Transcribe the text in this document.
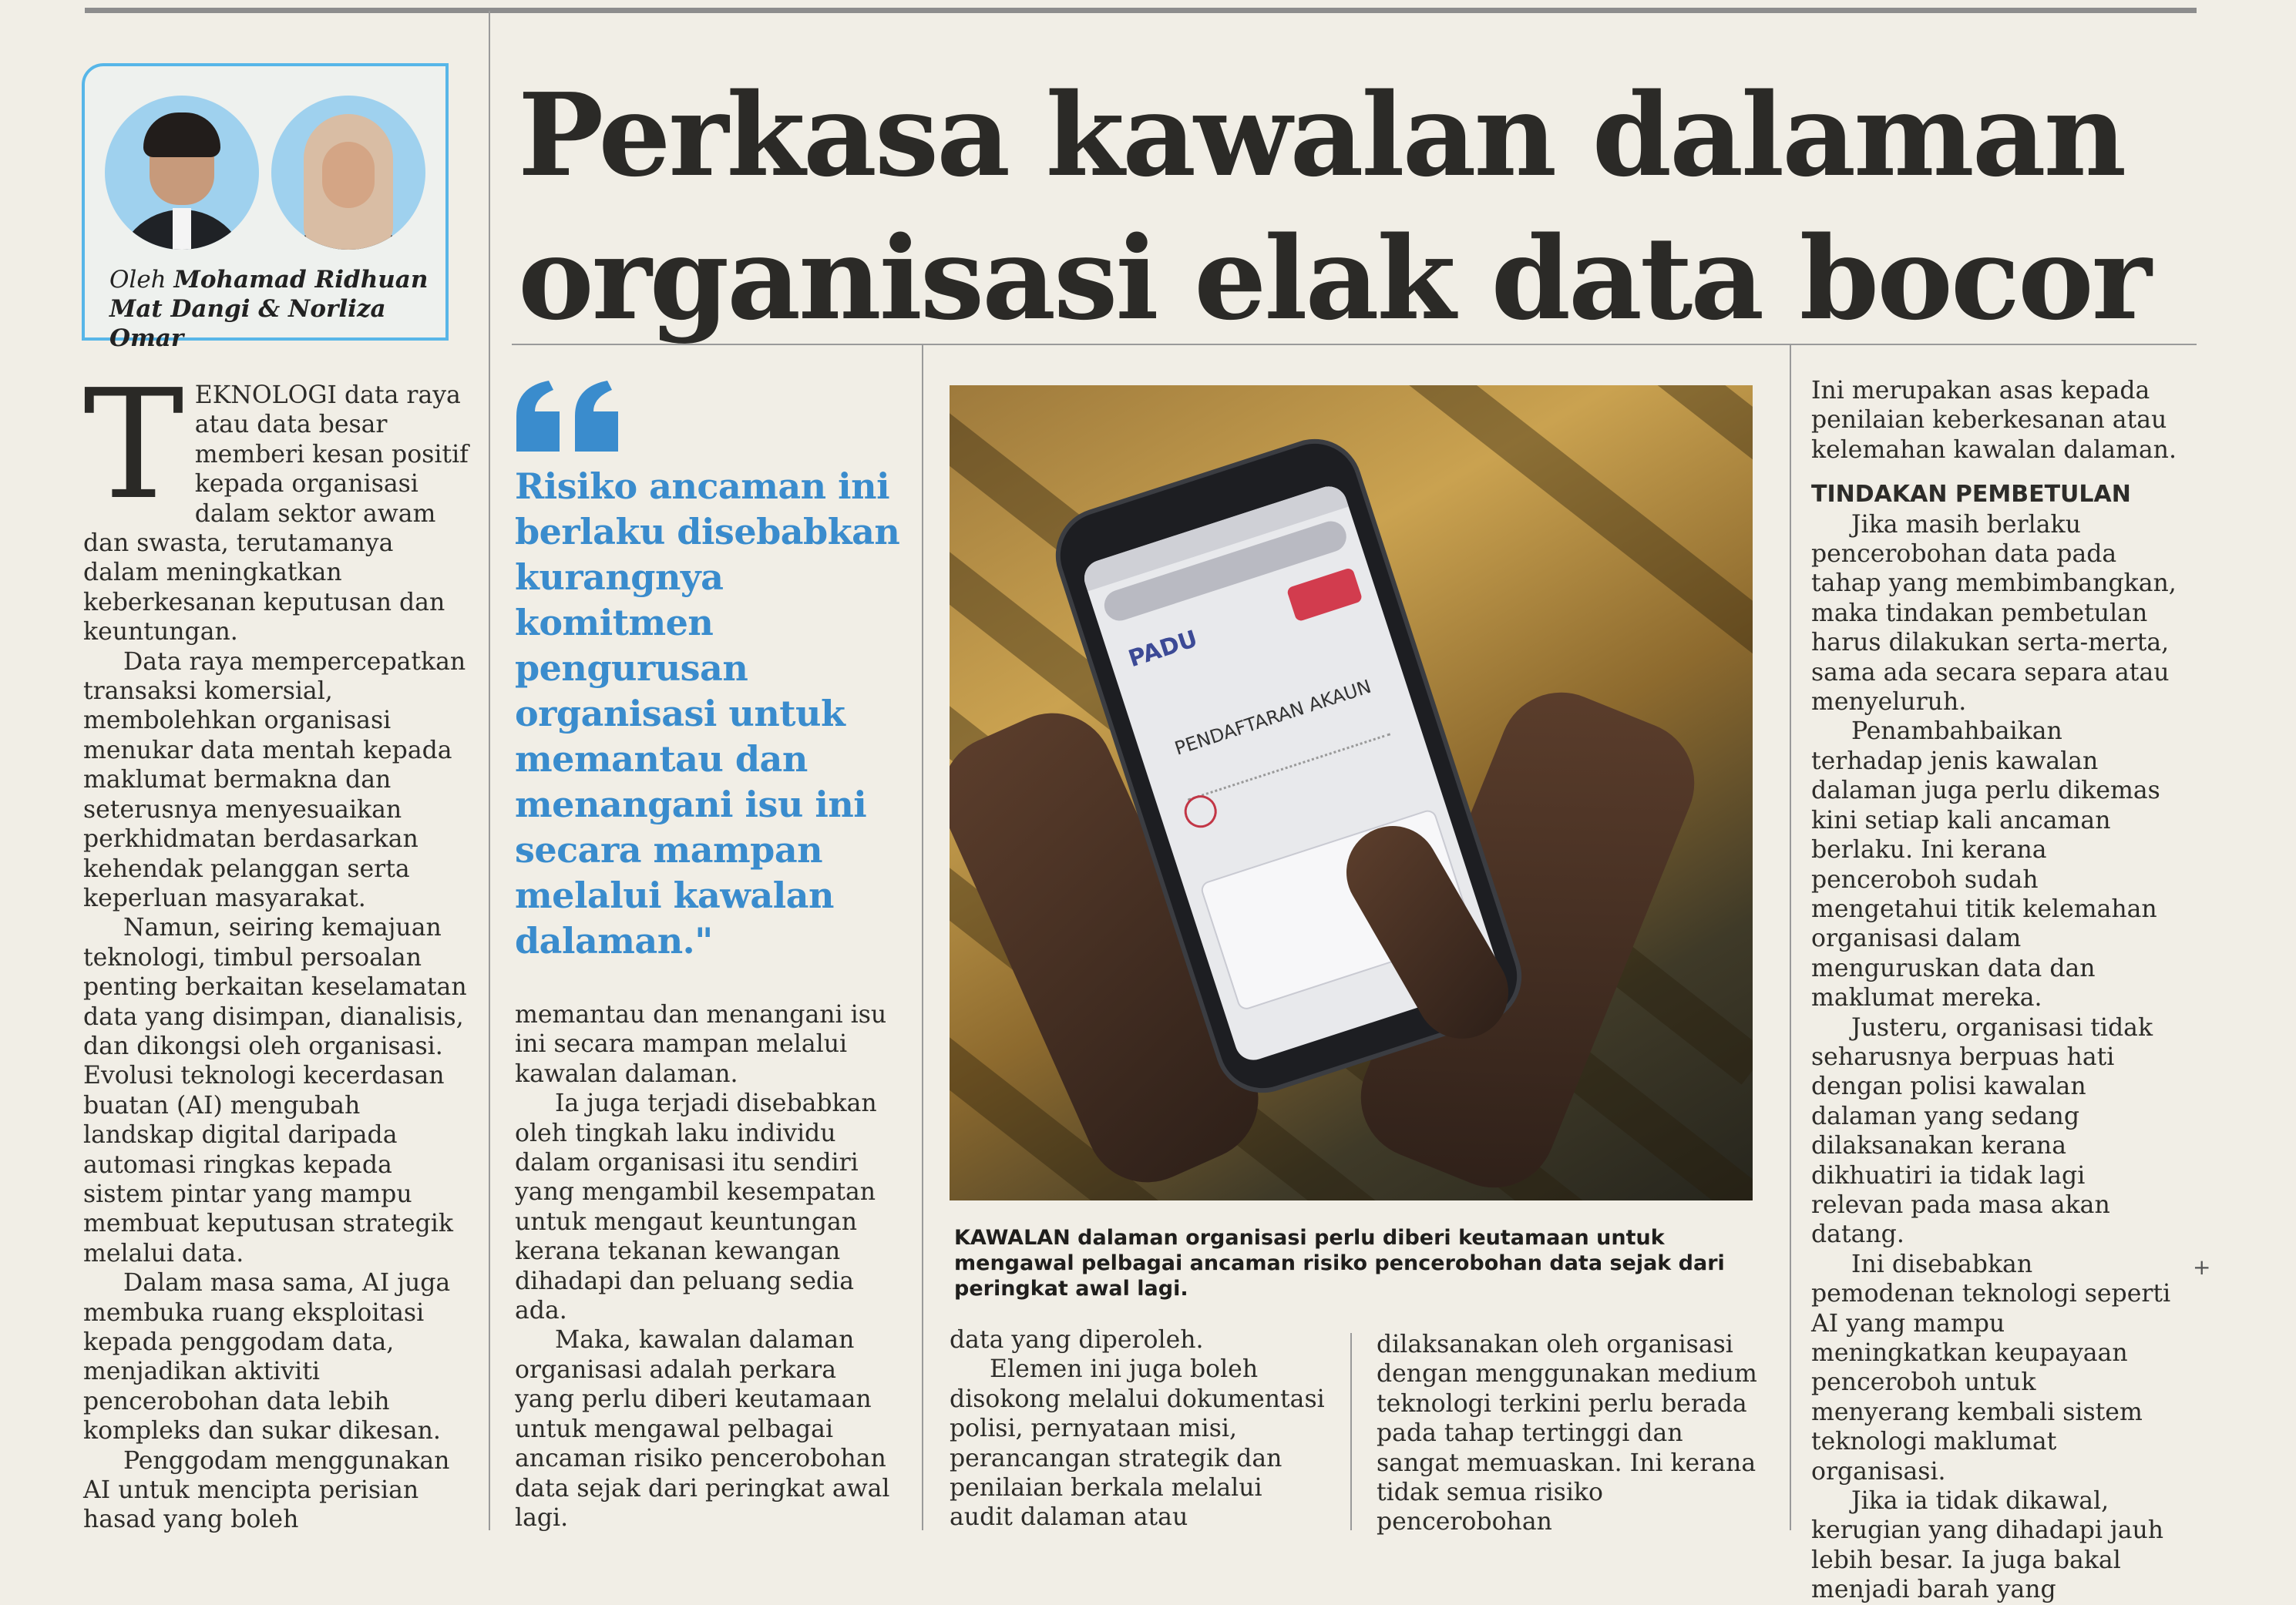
Oleh Mohamad Ridhuan
Mat Dangi & Norliza Omar
Perkasa kawalan dalaman
organisasi elak data bocor

TEKNOLOGI data raya atau data besar memberi kesan positif kepada organisasi dalam sektor awam dan swasta, terutamanya dalam meningkatkan keberkesanan keputusan dan keuntungan.

Data raya mempercepatkan transaksi komersial, membolehkan organisasi menukar data mentah kepada maklumat bermakna dan seterusnya menyesuaikan perkhidmatan berdasarkan kehendak pelanggan serta keperluan masyarakat.

Namun, seiring kemajuan teknologi, timbul persoalan penting berkaitan keselamatan data yang disimpan, dianalisis, dan dikongsi oleh organisasi. Evolusi teknologi kecerdasan buatan (AI) mengubah landskap digital daripada automasi ringkas kepada sistem pintar yang mampu membuat keputusan strategik melalui data.

Dalam masa sama, AI juga membuka ruang eksploitasi kepada penggodam data, menjadikan aktiviti pencerobohan data lebih kompleks dan sukar dikesan.

Penggodam menggunakan AI untuk mencipta perisian hasad yang boleh

Risiko ancaman ini berlaku disebabkan kurangnya komitmen pengurusan organisasi untuk memantau dan menangani isu ini secara mampan melalui kawalan dalaman."

memantau dan menangani isu ini secara mampan melalui kawalan dalaman.

Ia juga terjadi disebabkan oleh tingkah laku individu dalam organisasi itu sendiri yang mengambil kesempatan untuk mengaut keuntungan kerana tekanan kewangan dihadapi dan peluang sedia ada.

Maka, kawalan dalaman organisasi adalah perkara yang perlu diberi keutamaan untuk mengawal pelbagai ancaman risiko pencerobohan data sejak dari peringkat awal lagi.

PADU
PENDAFTARAN AKAUN

KAWALAN dalaman organisasi perlu diberi keutamaan untuk mengawal pelbagai ancaman risiko pencerobohan data sejak dari peringkat awal lagi.

data yang diperoleh.

Elemen ini juga boleh disokong melalui dokumentasi polisi, pernyataan misi, perancangan strategik dan penilaian berkala melalui audit dalaman atau

dilaksanakan oleh organisasi dengan menggunakan medium teknologi terkini perlu berada pada tahap tertinggi dan sangat memuaskan. Ini kerana tidak semua risiko pencerobohan

Ini merupakan asas kepada penilaian keberkesanan atau kelemahan kawalan dalaman.

TINDAKAN PEMBETULAN

Jika masih berlaku pencerobohan data pada tahap yang membimbangkan, maka tindakan pembetulan harus dilakukan serta-merta, sama ada secara separa atau menyeluruh.

Penambahbaikan terhadap jenis kawalan dalaman juga perlu dikemas kini setiap kali ancaman berlaku. Ini kerana penceroboh sudah mengetahui titik kelemahan organisasi dalam menguruskan data dan maklumat mereka.

Justeru, organisasi tidak seharusnya berpuas hati dengan polisi kawalan dalaman yang sedang dilaksanakan kerana dikhuatiri ia tidak lagi relevan pada masa akan datang.

Ini disebabkan pemodenan teknologi seperti AI yang mampu meningkatkan keupayaan penceroboh untuk menyerang kembali sistem teknologi maklumat organisasi.

Jika ia tidak dikawal, kerugian yang dihadapi jauh lebih besar. Ia juga bakal menjadi barah yang

+
